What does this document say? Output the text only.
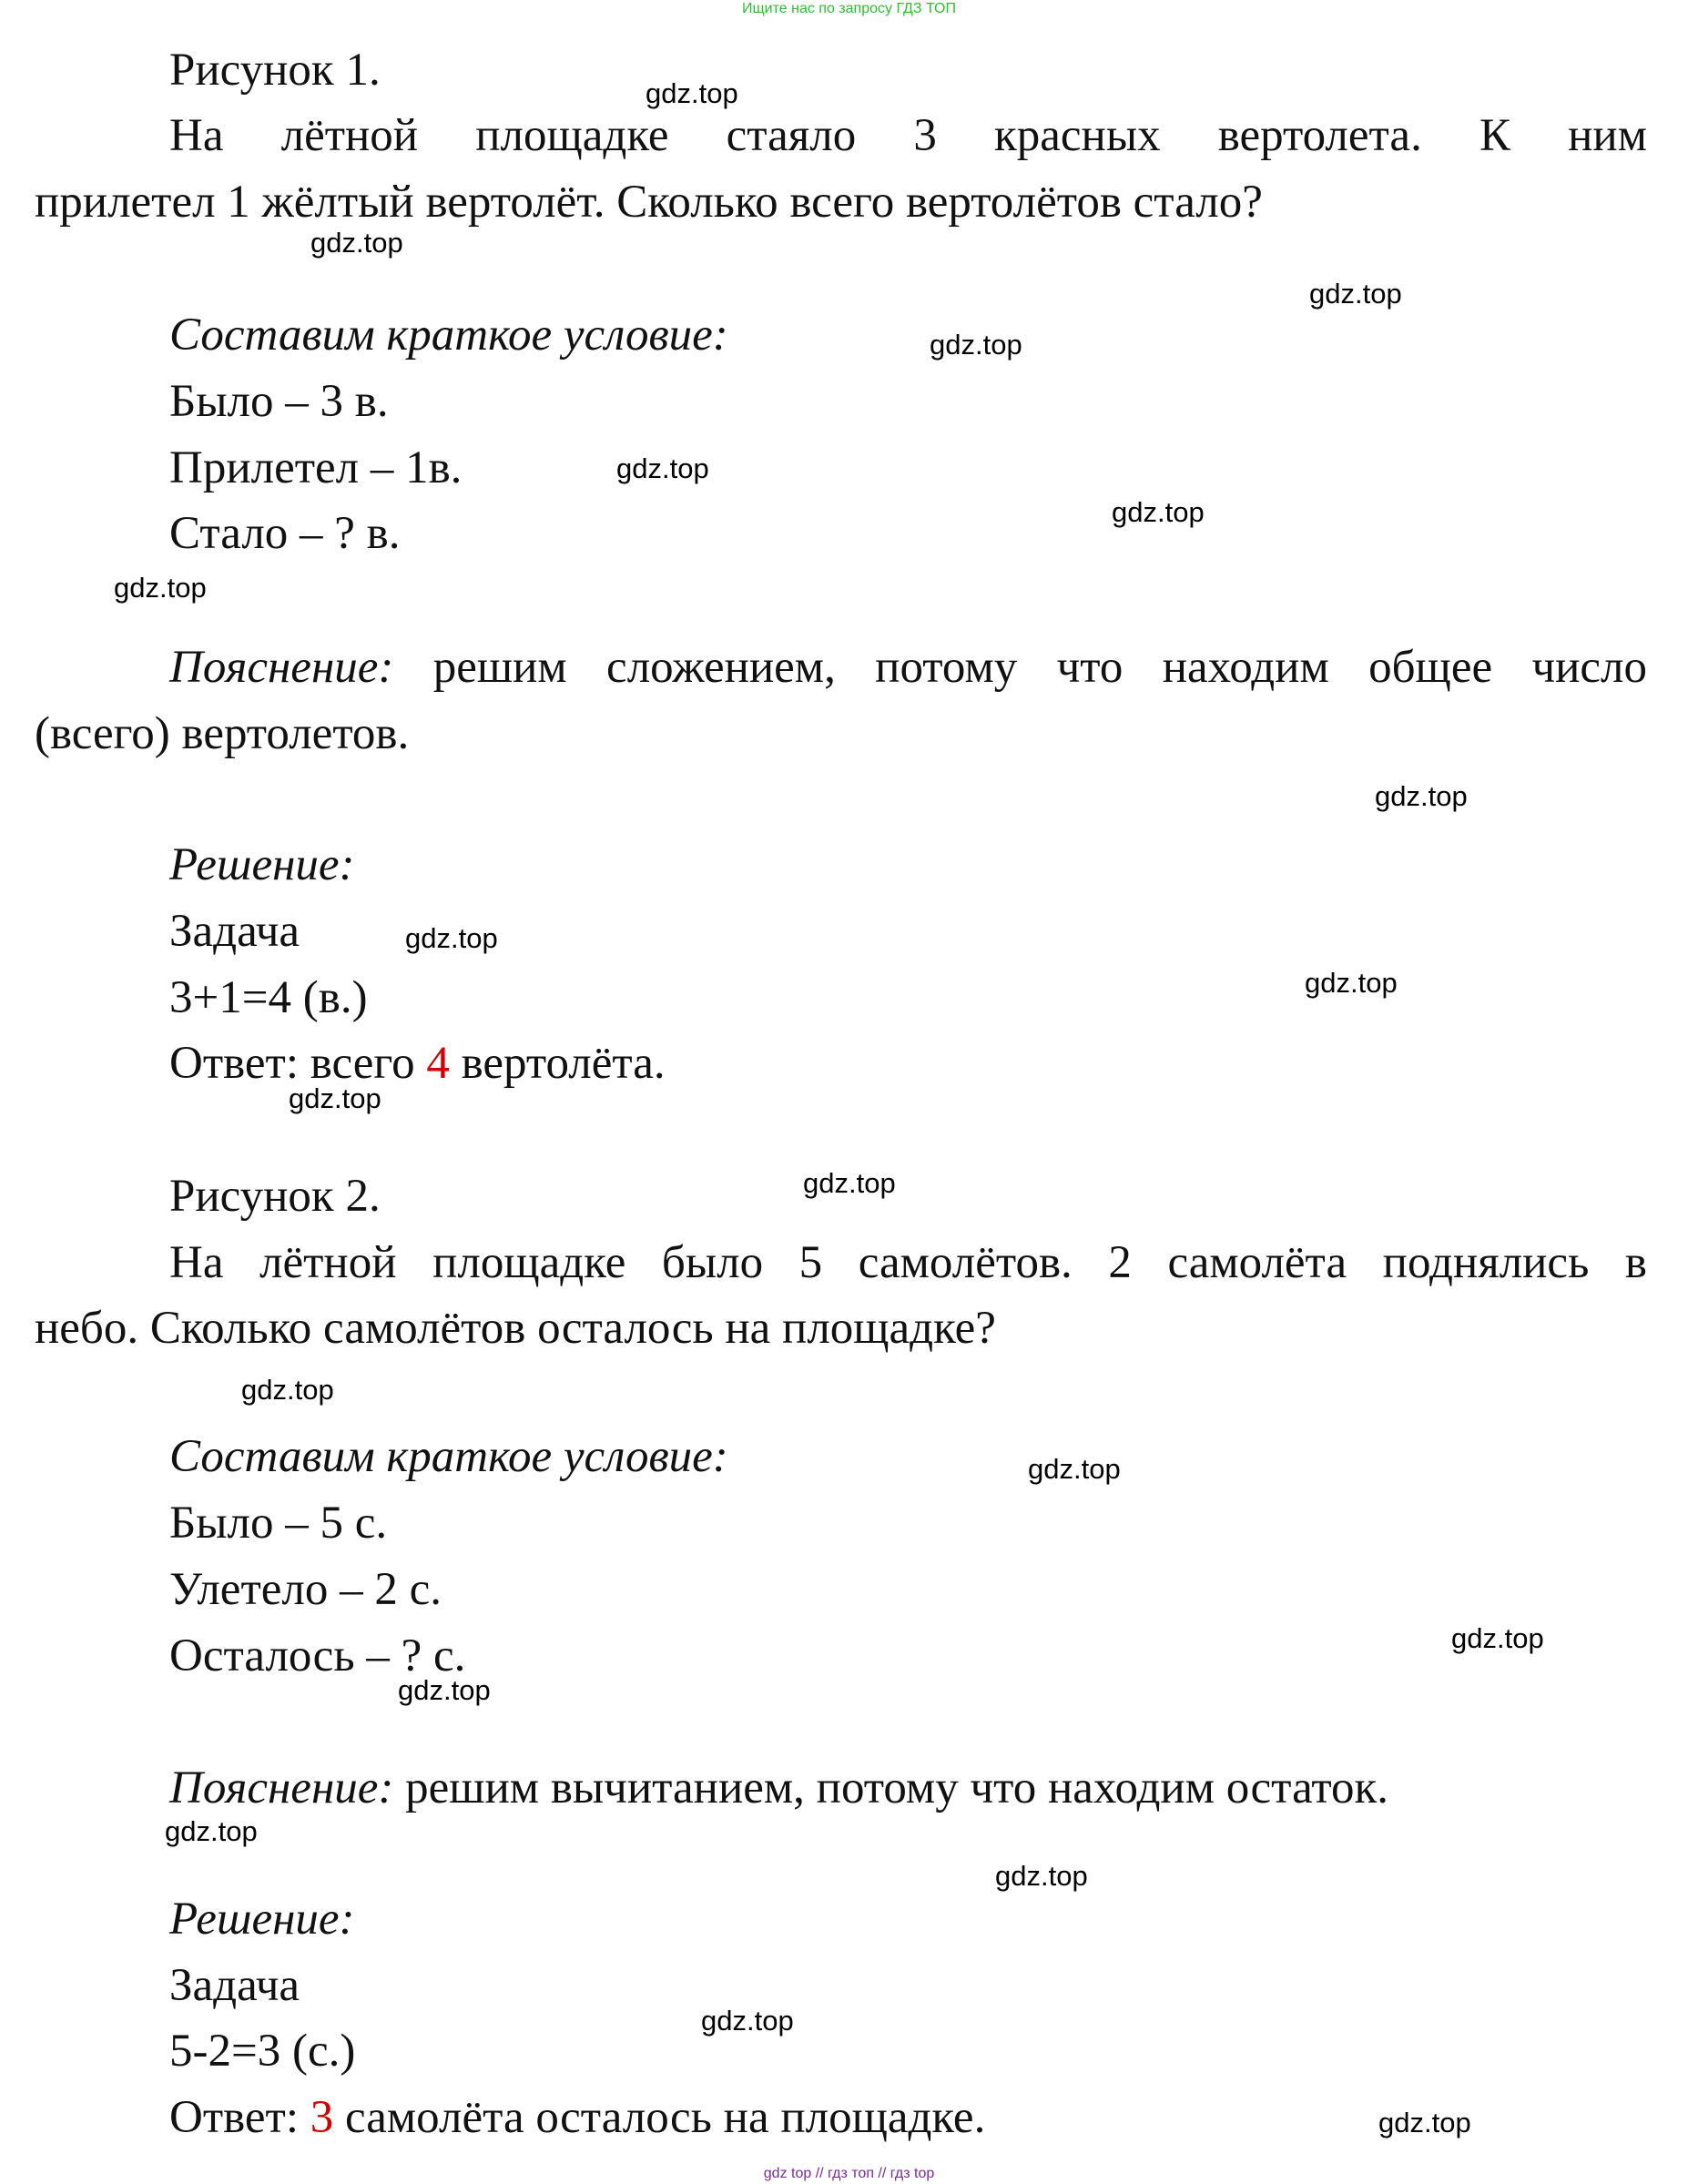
Ищите нас по запросу ГДЗ ТОП
Рисунок 1.
На лётной площадке стаяло 3 красных вертолета. К ним
прилетел 1 жёлтый вертолёт. Сколько всего вертолётов стало?
Составим краткое условие:
Было – 3 в.
Прилетел – 1в.
Стало – ? в.
Пояснение: решим сложением, потому что находим общее число
(всего) вертолетов.
Решение:
Задача
3+1=4 (в.)
Ответ: всего 4 вертолёта.
Рисунок 2.
На лётной площадке было 5 самолётов. 2 самолёта поднялись в
небо. Сколько самолётов осталось на площадке?
Составим краткое условие:
Было – 5 с.
Улетело – 2 с.
Осталось – ? с.
Пояснение: решим вычитанием, потому что находим остаток.
Решение:
Задача
5-2=3 (с.)
Ответ: 3 самолёта осталось на площадке.
gdz.top
gdz.top
gdz.top
gdz.top
gdz.top
gdz.top
gdz.top
gdz.top
gdz.top
gdz.top
gdz.top
gdz.top
gdz.top
gdz.top
gdz.top
gdz.top
gdz.top
gdz.top
gdz.top
gdz.top
gdz top // гдз топ // гдз top
